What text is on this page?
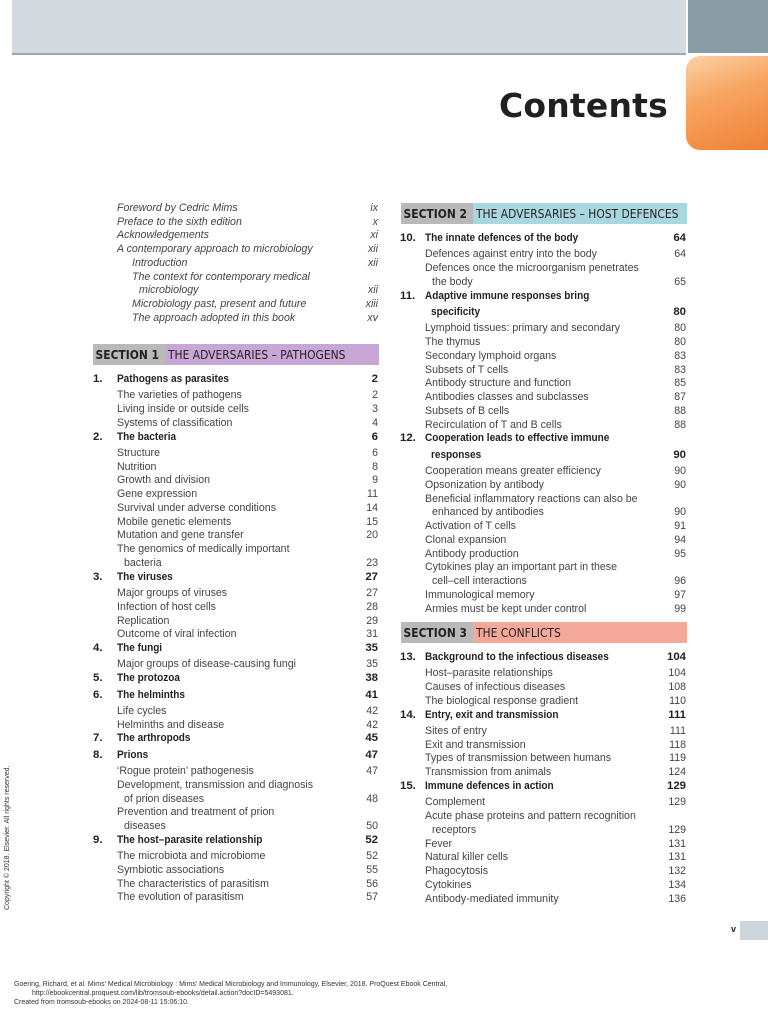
Contents
Foreword by Cedric Mims	ix
Preface to the sixth edition	x
Acknowledgements	xi
A contemporary approach to microbiology	xii
Introduction	xii
The context for contemporary medical
microbiology	xii
Microbiology past, present and future	xiii
The approach adopted in this book	xv
SECTION 1 THE ADVERSARIES – PATHOGENS
1. Pathogens as parasites	2
The varieties of pathogens	2
Living inside or outside cells	3
Systems of classification	4
2. The bacteria	6
Structure	6
Nutrition	8
Growth and division	9
Gene expression	11
Survival under adverse conditions	14
Mobile genetic elements	15
Mutation and gene transfer	20
The genomics of medically important
bacteria	23
3. The viruses	27
Major groups of viruses	27
Infection of host cells	28
Replication	29
Outcome of viral infection	31
4. The fungi	35
Major groups of disease-causing fungi	35
5. The protozoa	38
6. The helminths	41
Life cycles	42
Helminths and disease	42
7. The arthropods	45
8. Prions	47
‘Rogue protein’ pathogenesis	47
Development, transmission and diagnosis
of prion diseases	48
Prevention and treatment of prion
diseases	50
9. The host–parasite relationship	52
The microbiota and microbiome	52
Symbiotic associations	55
The characteristics of parasitism	56
The evolution of parasitism	57
SECTION 2 THE ADVERSARIES – HOST DEFENCES
10. The innate defences of the body	64
Defences against entry into the body	64
Defences once the microorganism penetrates
the body	65
11. Adaptive immune responses bring
specificity	80
Lymphoid tissues: primary and secondary	80
The thymus	80
Secondary lymphoid organs	83
Subsets of T cells	83
Antibody structure and function	85
Antibodies classes and subclasses	87
Subsets of B cells	88
Recirculation of T and B cells	88
12. Cooperation leads to effective immune
responses	90
Cooperation means greater efficiency	90
Opsonization by antibody	90
Beneficial inflammatory reactions can also be
enhanced by antibodies	90
Activation of T cells	91
Clonal expansion	94
Antibody production	95
Cytokines play an important part in these
cell–cell interactions	96
Immunological memory	97
Armies must be kept under control	99
SECTION 3 THE CONFLICTS
13. Background to the infectious diseases	104
Host–parasite relationships	104
Causes of infectious diseases	108
The biological response gradient	110
14. Entry, exit and transmission	111
Sites of entry	111
Exit and transmission	118
Types of transmission between humans	119
Transmission from animals	124
15. Immune defences in action	129
Complement	129
Acute phase proteins and pattern recognition
receptors	129
Fever	131
Natural killer cells	131
Phagocytosis	132
Cytokines	134
Antibody-mediated immunity	136
Copyright © 2018. Elsevier. All rights reserved.
v
Goering, Richard, et al. Mims' Medical Microbiology : Mims' Medical Microbiology and Immunology, Elsevier, 2018. ProQuest Ebook Central,
http://ebookcentral.proquest.com/lib/tromsoub-ebooks/detail.action?docID=5493081.
Created from tromsoub-ebooks on 2024-08-11 15:06:10.
